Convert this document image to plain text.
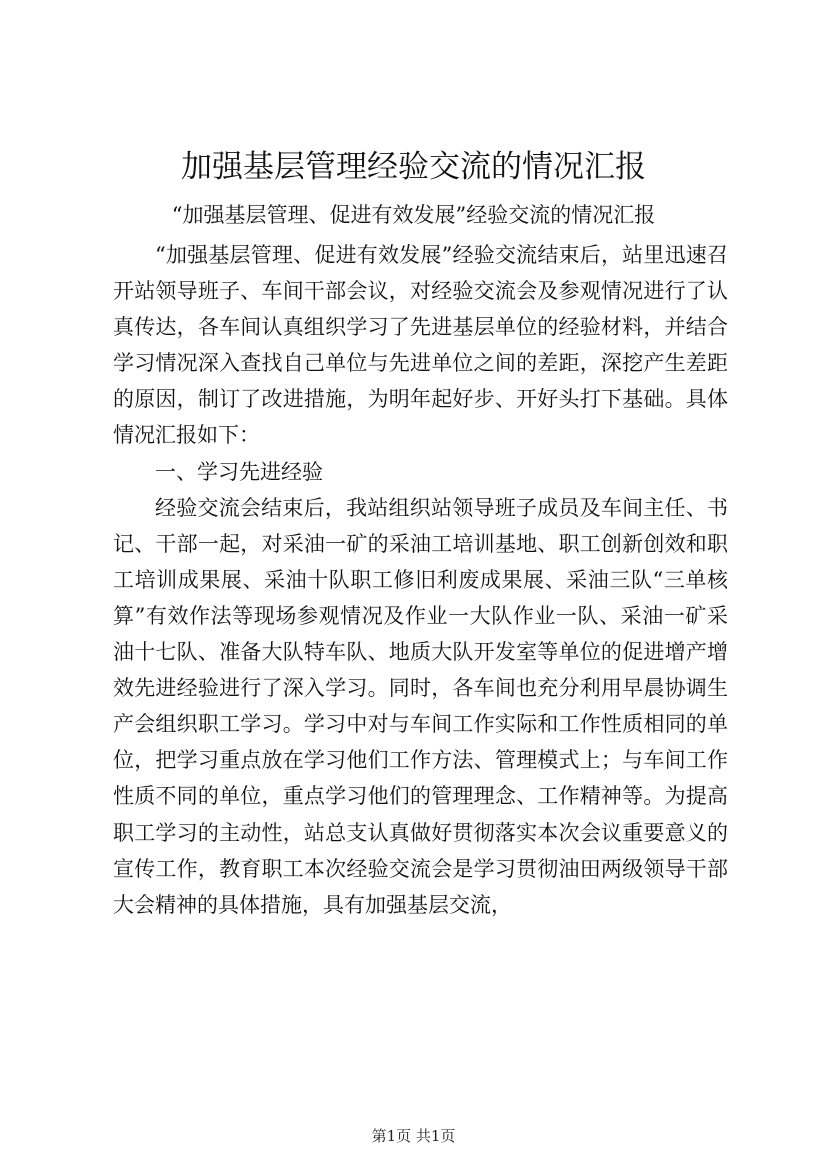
加强基层管理经验交流的情况汇报
“加强基层管理、促进有效发展”经验交流的情况汇报

“加强基层管理、促进有效发展”经验交流结束后，站里迅速召开站领导班子、车间干部会议，对经验交流会及参观情况进行了认真传达，各车间认真组织学习了先进基层单位的经验材料，并结合学习情况深入查找自己单位与先进单位之间的差距，深挖产生差距的原因，制订了改进措施，为明年起好步、开好头打下基础。具体情况汇报如下：

一、学习先进经验

经验交流会结束后，我站组织站领导班子成员及车间主任、书记、干部一起，对采油一矿的采油工培训基地、职工创新创效和职工培训成果展、采油十队职工修旧利废成果展、采油三队“三单核算”有效作法等现场参观情况及作业一大队作业一队、采油一矿采油十七队、准备大队特车队、地质大队开发室等单位的促进增产增效先进经验进行了深入学习。同时，各车间也充分利用早晨协调生产会组织职工学习。学习中对与车间工作实际和工作性质相同的单位，把学习重点放在学习他们工作方法、管理模式上；与车间工作性质不同的单位，重点学习他们的管理理念、工作精神等。为提高职工学习的主动性，站总支认真做好贯彻落实本次会议重要意义的宣传工作，教育职工本次经验交流会是学习贯彻油田两级领导干部大会精神的具体措施，具有加强基层交流，

第1页 共1页
